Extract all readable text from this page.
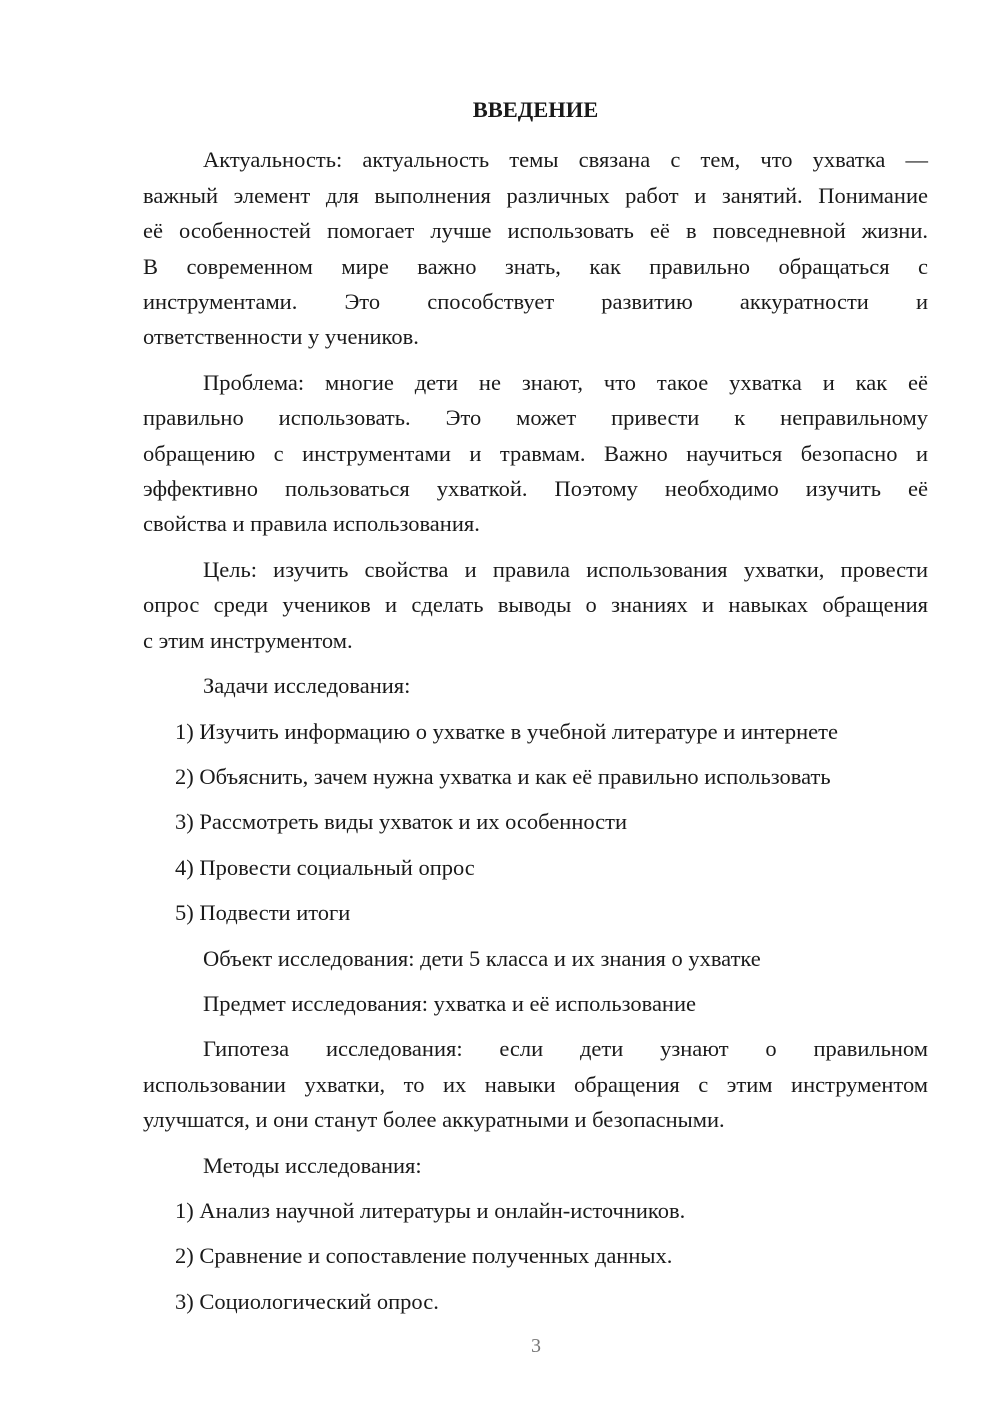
ВВЕДЕНИЕ
Актуальность: актуальность темы связана с тем, что ухватка —
важный элемент для выполнения различных работ и занятий. Понимание
её особенностей помогает лучше использовать её в повседневной жизни.
В современном мире важно знать, как правильно обращаться с
инструментами. Это способствует развитию аккуратности и
ответственности у учеников.
Проблема: многие дети не знают, что такое ухватка и как её
правильно использовать. Это может привести к неправильному
обращению с инструментами и травмам. Важно научиться безопасно и
эффективно пользоваться ухваткой. Поэтому необходимо изучить её
свойства и правила использования.
Цель: изучить свойства и правила использования ухватки, провести
опрос среди учеников и сделать выводы о знаниях и навыках обращения
с этим инструментом.
Задачи исследования:
1) Изучить информацию о ухватке в учебной литературе и интернете
2) Объяснить, зачем нужна ухватка и как её правильно использовать
3) Рассмотреть виды ухваток и их особенности
4) Провести социальный опрос
5) Подвести итоги
Объект исследования: дети 5 класса и их знания о ухватке
Предмет исследования: ухватка и её использование
Гипотеза исследования: если дети узнают о правильном
использовании ухватки, то их навыки обращения с этим инструментом
улучшатся, и они станут более аккуратными и безопасными.
Методы исследования:
1) Анализ научной литературы и онлайн-источников.
2) Сравнение и сопоставление полученных данных.
3) Социологический опрос.
3
